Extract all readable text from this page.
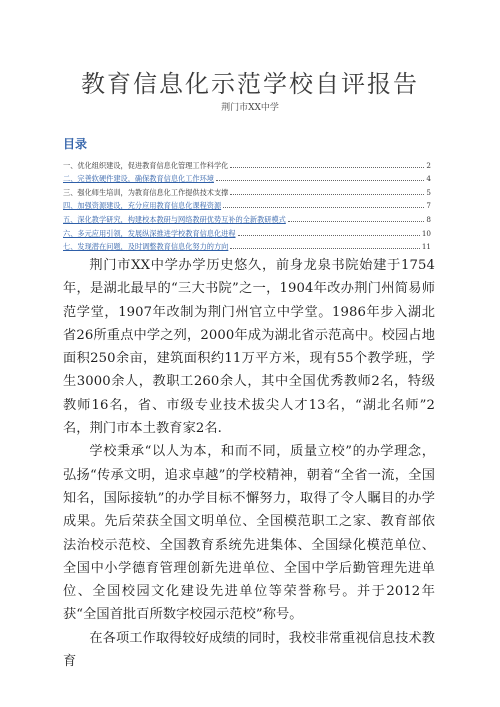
教育信息化示范学校自评报告
荆门市XX中学
目录
一、优化组织建设，促进教育信息化管理工作科学化	2
二、完善软硬件建设，确保教育信息化工作环境	4
三、强化师生培训，为教育信息化工作提供技术支撑	5
四、加强资源建设，充分应用教育信息化课程资源	7
五、深化教学研究，构建校本教研与网络教研优势互补的全新教研模式	8
六、多元应用引领，发展纵深推进学校教育信息化进程	10
七、发现潜在问题，及时调整教育信息化努力的方向	11

荆门市XX中学办学历史悠久，前身龙泉书院始建于1754年，是湖北最早的“三大书院”之一，1904年改办荆门州简易师范学堂，1907年改制为荆门州官立中学堂。1986年步入湖北省26所重点中学之列，2000年成为湖北省示范高中。校园占地面积250余亩，建筑面积约11万平方米，现有55个教学班，学生3000余人，教职工260余人，其中全国优秀教师2名，特级教师16名，省、市级专业技术拔尖人才13名，“湖北名师”2名，荆门市本土教育家2名.

学校秉承“以人为本，和而不同，质量立校”的办学理念，弘扬“传承文明，追求卓越”的学校精神，朝着“全省一流，全国知名，国际接轨”的办学目标不懈努力，取得了令人瞩目的办学成果。先后荣获全国文明单位、全国模范职工之家、教育部依法治校示范校、全国教育系统先进集体、全国绿化模范单位、全国中小学德育管理创新先进单位、全国中学后勤管理先进单位、全国校园文化建设先进单位等荣誉称号。并于2012年获“全国首批百所数字校园示范校”称号。

在各项工作取得较好成绩的同时，我校非常重视信息技术教育
